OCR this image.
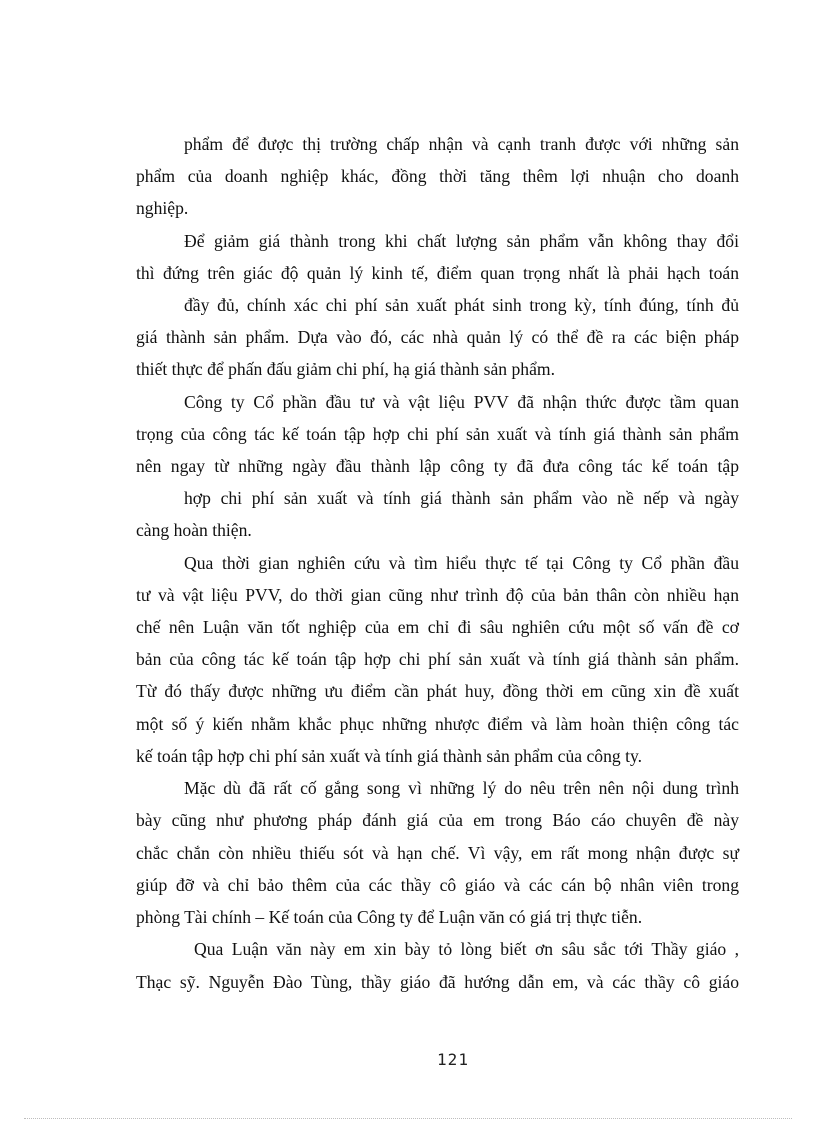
phẩm để được thị trường chấp nhận và cạnh tranh được với những sản
phẩm của doanh nghiệp khác, đồng thời tăng thêm lợi nhuận cho doanh
nghiệp.
Để giảm giá thành trong khi chất lượng sản phẩm vẫn không thay đổi
thì đứng trên giác độ quản lý kinh tế, điểm quan trọng nhất là phải hạch toán
đầy đủ, chính xác chi phí sản xuất phát sinh trong kỳ, tính đúng, tính đủ
giá thành sản phẩm. Dựa vào đó, các nhà quản lý có thể đề ra các biện pháp
thiết thực để phấn đấu giảm chi phí, hạ giá thành sản phẩm.
Công ty Cổ phần đầu tư và vật liệu PVV đã nhận thức được tầm quan
trọng của công tác kế toán tập hợp chi phí sản xuất và tính giá thành sản phẩm
nên ngay từ những ngày đầu thành lập công ty đã đưa công tác kế toán tập
hợp chi phí sản xuất và tính giá thành sản phẩm vào nề nếp và ngày
càng hoàn thiện.
Qua thời gian nghiên cứu và tìm hiểu thực tế tại Công ty Cổ phần đầu
tư và vật liệu PVV, do thời gian cũng như trình độ của bản thân còn nhiều hạn
chế nên Luận văn tốt nghiệp của em chỉ đi sâu nghiên cứu một số vấn đề cơ
bản của công tác kế toán tập hợp chi phí sản xuất và tính giá thành sản phẩm.
Từ đó thấy được những ưu điểm cần phát huy, đồng thời em cũng xin đề xuất
một số ý kiến nhằm khắc phục những nhược điểm và làm hoàn thiện công tác
kế toán tập hợp chi phí sản xuất và tính giá thành sản phẩm của công ty.
Mặc dù đã rất cố gắng song vì những lý do nêu trên nên nội dung trình
bày cũng như phương pháp đánh giá của em trong Báo cáo chuyên đề này
chắc chắn còn nhiều thiếu sót và hạn chế. Vì vậy, em rất mong nhận được sự
giúp đỡ và chỉ bảo thêm của các thầy cô giáo và các cán bộ nhân viên trong
phòng Tài chính – Kế toán của Công ty để Luận văn có giá trị thực tiễn.
Qua Luận văn này em xin bày tỏ lòng biết ơn sâu sắc tới Thầy giáo ,
Thạc sỹ. Nguyễn Đào Tùng, thầy giáo đã hướng dẫn em, và các thầy cô giáo
121
